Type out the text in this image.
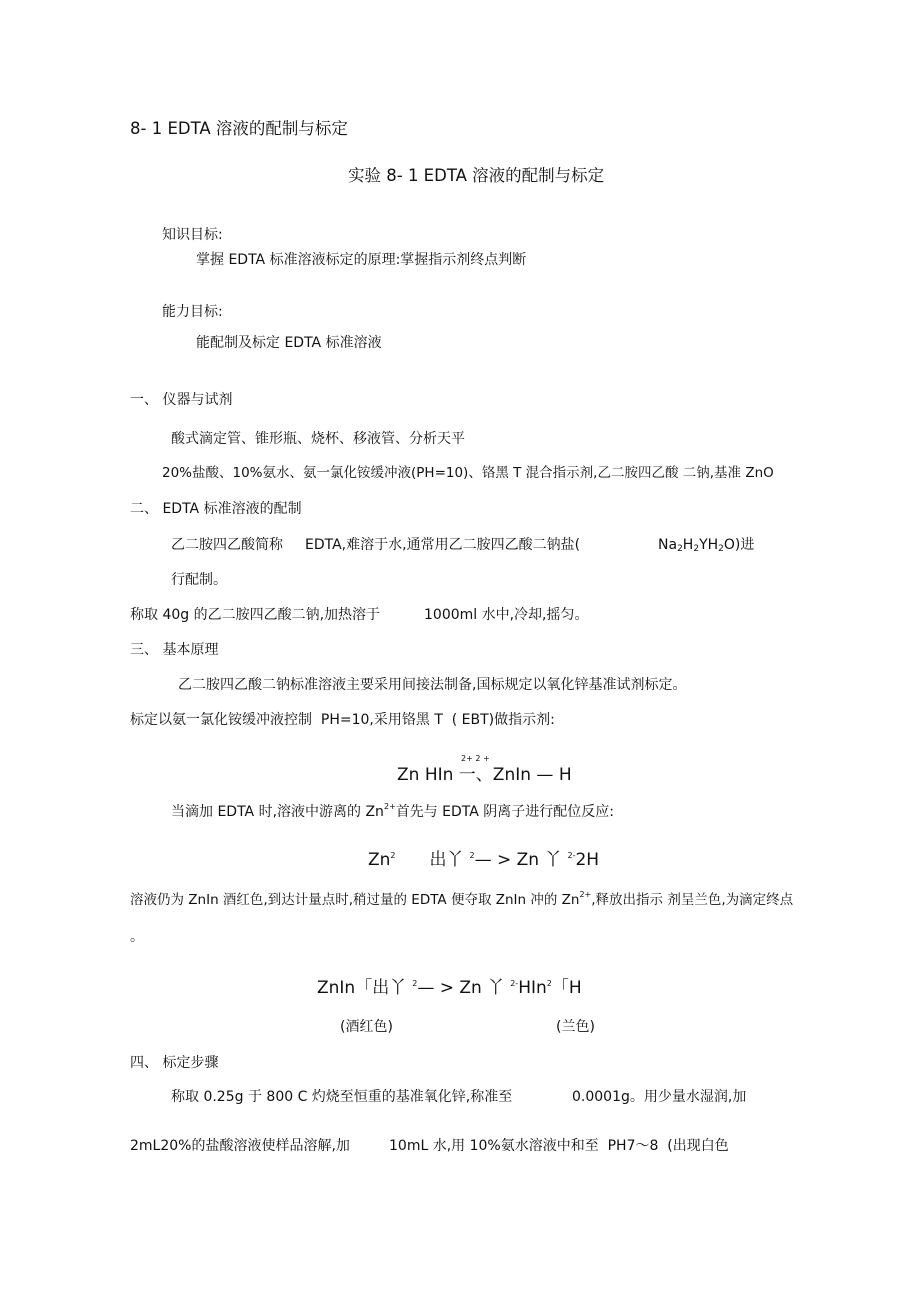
8- 1 EDTA 溶液的配制与标定
实验 8- 1 EDTA 溶液的配制与标定
知识目标:
掌握 EDTA 标准溶液标定的原理:掌握指示剂终点判断
能力目标:
能配制及标定 EDTA 标准溶液
一、 仪器与试剂
酸式滴定管、锥形瓶、烧杯、移液管、分析天平
20%盐酸、10%氨水、氨一氯化铵缓冲液(PH=10)、铬黑 T 混合指示剂,乙二胺四乙酸 二钠,基准 ZnO
二、 EDTA 标准溶液的配制
乙二胺四乙酸简称 EDTA,难溶于水,通常用乙二胺四乙酸二钠盐(	Na2H2YH2O)进
行配制。
称取 40g 的乙二胺四乙酸二钠,加热溶于	1000ml 水中,冷却,摇匀。
三、 基本原理
乙二胺四乙酸二钠标准溶液主要采用间接法制备,国标规定以氧化锌基准试剂标定。
标定以氨一氯化铵缓冲液控制  PH=10,采用铬黑 T  ( EBT)做指示剂:
2+ 2 +
Zn HIn 一、ZnIn — H
当滴加 EDTA 时,溶液中游离的 $Zn^{2+}$首先与 EDTA 阴离子进行配位反应:
Zn$^2$ 出丫 $^2$— > Zn 丫 $^{2-}$2H
溶液仍为 ZnIn 酒红色,到达计量点时,稍过量的 EDTA 便夺取 ZnIn 冲的 $Zn^{2+}$,释放出指示 剂呈兰色,为滴定终点
。
ZnIn「出丫 $^2$— > Zn 丫 $^{2-}$HIn$^2$「H
(酒红色)	(兰色)
四、 标定步骤
称取 0.25g 于 800 C 灼烧至恒重的基准氧化锌,称准至	0.0001g。用少量水湿润,加
2mL20%的盐酸溶液使样品溶解,加	10mL 水,用 10%氨水溶液中和至  PH7〜8  (出现白色
